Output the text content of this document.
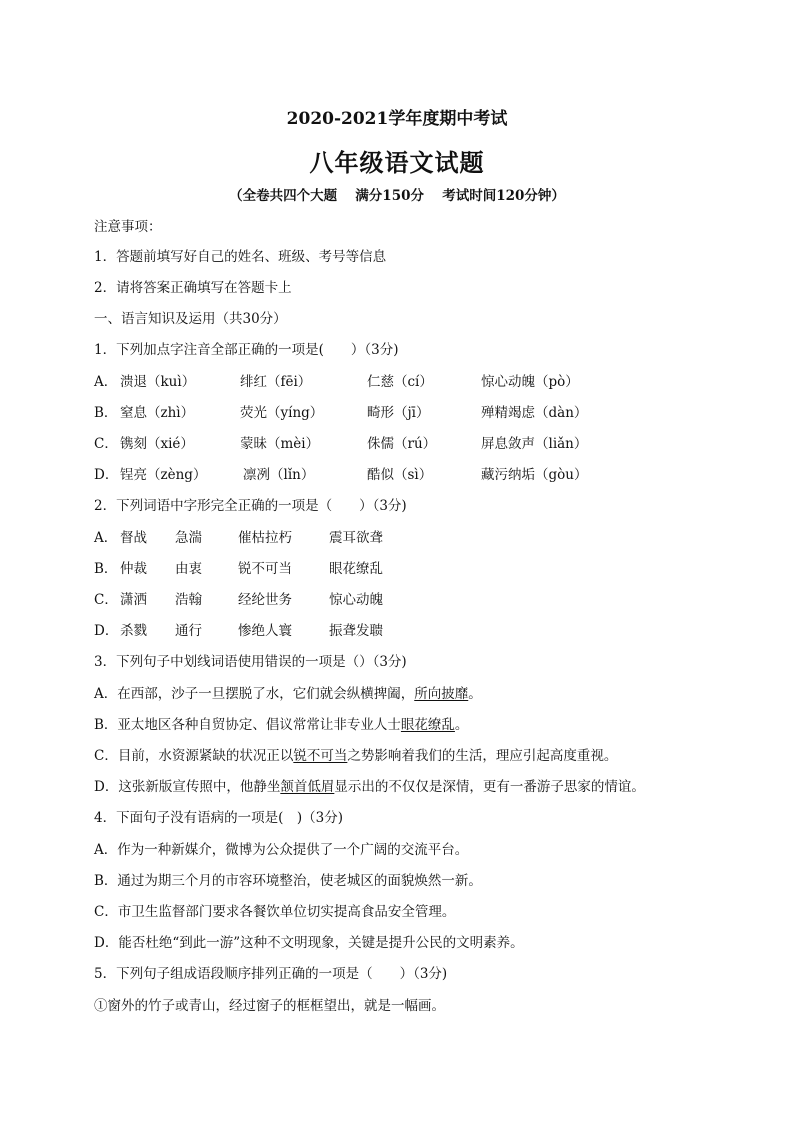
2020-2021学年度期中考试
八年级语文试题
（全卷共四个大题　 满分150分　 考试时间120分钟）
注意事项：
1．答题前填写好自己的姓名、班级、考号等信息
2．请将答案正确填写在答题卡上
一、语言知识及运用（共30分）
1．下列加点字注音全部正确的一项是(　　）（3分)
A． 溃退（kuì）	绯红（fēi）	仁慈（cí）	惊心动魄（pò）
B． 窒息（zhì）	荧光（yíng）	畸形（jī）	殚精竭虑（dàn）
C． 镌刻（xié）	蒙昧（mèi）	侏儒（rú）	屏息敛声（liǎn）
D． 锃亮（zèng）	凛冽（lǐn）	酷似（sì）	藏污纳垢（gòu）
2．下列词语中字形完全正确的一项是（　　）（3分)
A． 督战 急湍	催枯拉朽	震耳欲聋
B． 仲裁 由衷	锐不可当	眼花缭乱
C． 潇洒 浩翰	经纶世务	惊心动魄
D． 杀戮 通行	惨绝人寰	振聋发聩
3．下列句子中划线词语使用错误的一项是（）（3分)
A．在西部，沙子一旦摆脱了水，它们就会纵横捭阖，所向披靡。
B．亚太地区各种自贸协定、倡议常常让非专业人士眼花缭乱。
C．目前，水资源紧缺的状况正以锐不可当之势影响着我们的生活，理应引起高度重视。
D．这张新版宣传照中，他静坐颔首低眉显示出的不仅仅是深情，更有一番游子思家的情谊。
4．下面句子没有语病的一项是(　)（3分)
A．作为一种新媒介，微博为公众提供了一个广阔的交流平台。
B．通过为期三个月的市容环境整治，使老城区的面貌焕然一新。
C．市卫生监督部门要求各餐饮单位切实提高食品安全管理。
D．能否杜绝“到此一游”这种不文明现象，关键是提升公民的文明素养。
5．下列句子组成语段顺序排列正确的一项是（　　）（3分)
①窗外的竹子或青山，经过窗子的框框望出，就是一幅画。
